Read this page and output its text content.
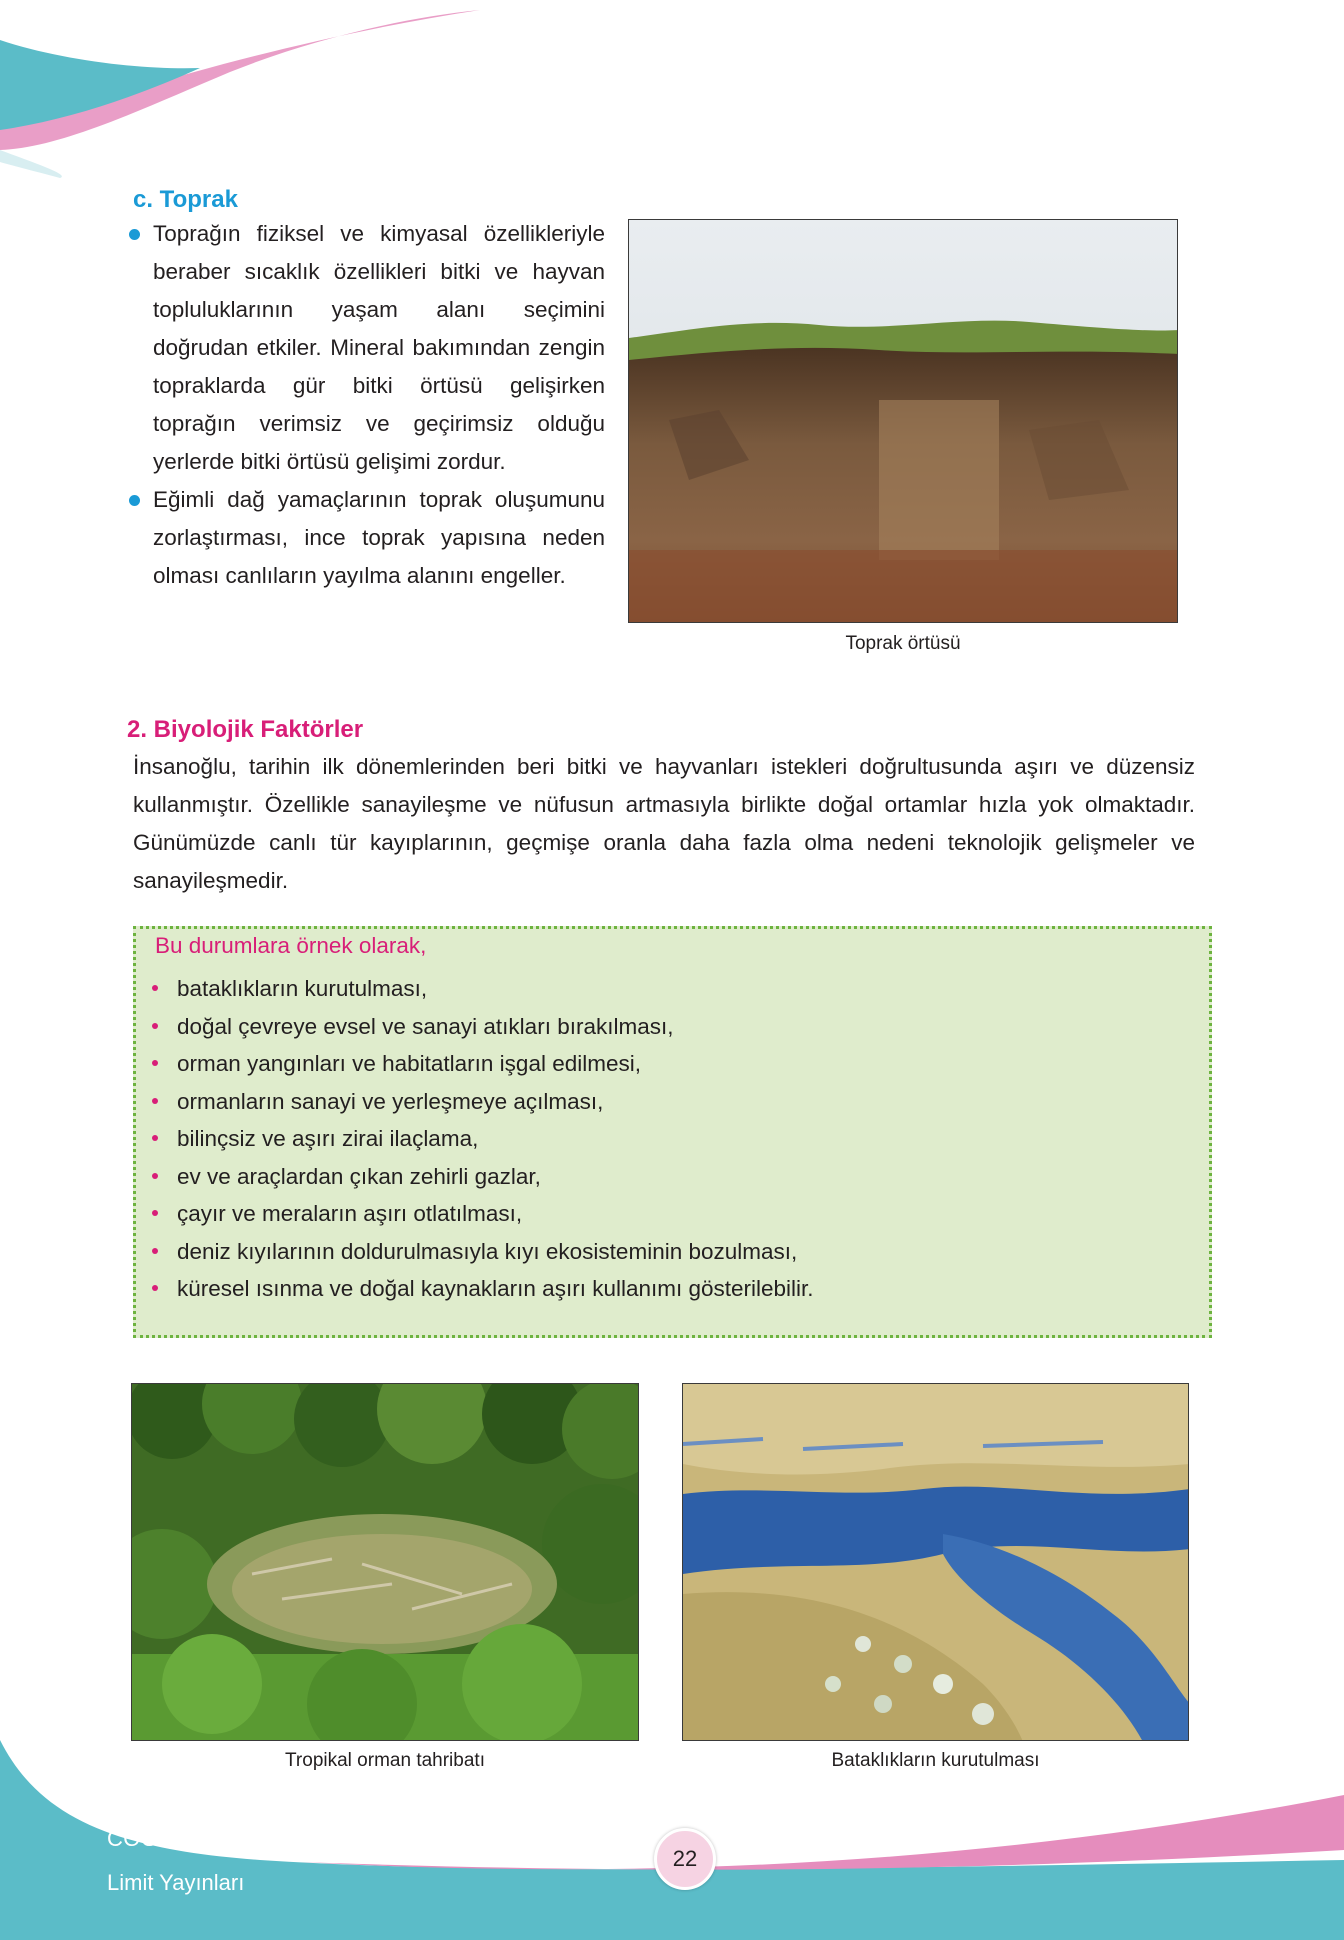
c. Toprak
Toprağın fiziksel ve kimyasal özellikleriyle beraber sıcaklık özellikleri bitki ve hayvan topluluklarının yaşam alanı seçimini doğrudan etkiler. Mineral bakımından zengin topraklarda gür bitki örtüsü gelişirken toprağın verimsiz ve geçirimsiz olduğu yerlerde bitki örtüsü gelişimi zordur.
Eğimli dağ yamaçlarının toprak oluşumunu zorlaştırması, ince toprak yapısına neden olması canlıların yayılma alanını engeller.
Toprak örtüsü
2. Biyolojik Faktörler
İnsanoğlu, tarihin ilk dönemlerinden beri bitki ve hayvanları istekleri doğrultusunda aşırı ve düzensiz kullanmıştır. Özellikle sanayileşme ve nüfusun artmasıyla birlikte doğal ortamlar hızla yok olmaktadır. Günümüzde canlı tür kayıplarının, geçmişe oranla daha fazla olma nedeni teknolojik gelişmeler ve sanayileşmedir.
Bu durumlara örnek olarak,
bataklıkların kurutulması,
doğal çevreye evsel ve sanayi atıkları bırakılması,
orman yangınları ve habitatların işgal edilmesi,
ormanların sanayi ve yerleşmeye açılması,
bilinçsiz ve aşırı zirai ilaçlama,
ev ve araçlardan çıkan zehirli gazlar,
çayır ve meraların aşırı otlatılması,
deniz kıyılarının doldurulmasıyla kıyı ekosisteminin bozulması,
küresel ısınma ve doğal kaynakların aşırı kullanımı gösterilebilir.
Tropikal orman tahribatı	Bataklıkların kurutulması
COĞRAFYA EL KİTABI
Limit Yayınları
22
